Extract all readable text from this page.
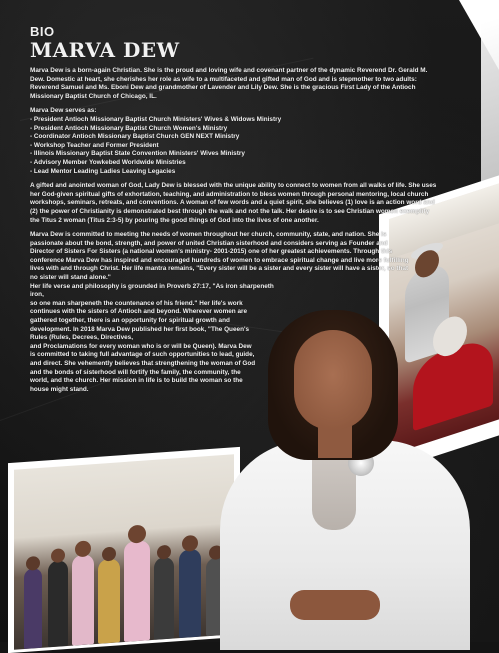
BIO
MARVA DEW

Marva Dew is a born-again Christian. She is the proud and loving wife and covenant partner of the dynamic Reverend Dr. Gerald M. Dew. Domestic at heart, she cherishes her role as wife to a multifaceted and gifted man of God and is stepmother to two adults: Reverend Samuel and Ms. Eboni Dew and grandmother of Lavender and Lily Dew. She is the gracious First Lady of the Antioch Missionary Baptist Church of Chicago, IL.

Marva Dew serves as:
- President Antioch Missionary Baptist Church Ministers' Wives & Widows Ministry
- President Antioch Missionary Baptist Church Women's Ministry
- Coordinator Antioch Missionary Baptist Church GEN NEXT Ministry
- Workshop Teacher and Former President
- Illinois Missionary Baptist State Convention Ministers' Wives Ministry
- Advisory Member Yowkebed Worldwide Ministries
- Lead Mentor Leading Ladies Leaving Legacies

A gifted and anointed woman of God, Lady Dew is blessed with the unique ability to connect to women from all walks of life. She uses her God-given spiritual gifts of exhortation, teaching, and administration to bless women through personal mentoring, local church workshops, seminars, retreats, and conventions. A woman of few words and a quiet spirit, she believes (1) love is an action word and (2) the power of Christianity is demonstrated best through the walk and not the talk. Her desire is to see Christian women exemplify the Titus 2 woman (Titus 2:3-5) by pouring the good things of God into the lives of one another.

Marva Dew is committed to meeting the needs of women throughout her church, community, state, and nation. She is passionate about the bond, strength, and power of united Christian sisterhood and considers serving as Founder and Director of Sisters For Sisters (a national women's ministry- 2001-2015) one of her greatest achievements. Through this conference Marva Dew has inspired and encouraged hundreds of women to embrace spiritual change and live more fulfilling lives with and through Christ. Her life mantra remains, "Every sister will be a sister and every sister will have a sister, so that no sister will stand alone."

Her life verse and philosophy is grounded in Proverb 27:17, "As iron sharpeneth iron,

so one man sharpeneth the countenance of his friend." Her life's work continues with the sisters of Antioch and beyond. Wherever women are gathered together, there is an opportunity for spiritual growth and development. In 2018 Marva Dew published her first book, "The Queen's Rules (Rules, Decrees, Directives,

and Proclamations for every woman who is or will be Queen). Marva Dew is committed to taking full advantage of such opportunities to lead, guide, and direct. She vehemently believes that strengthening the woman of God and the bonds of sisterhood will fortify the family, the community, the world, and the church. Her mission in life is to build the woman so the house might stand.
